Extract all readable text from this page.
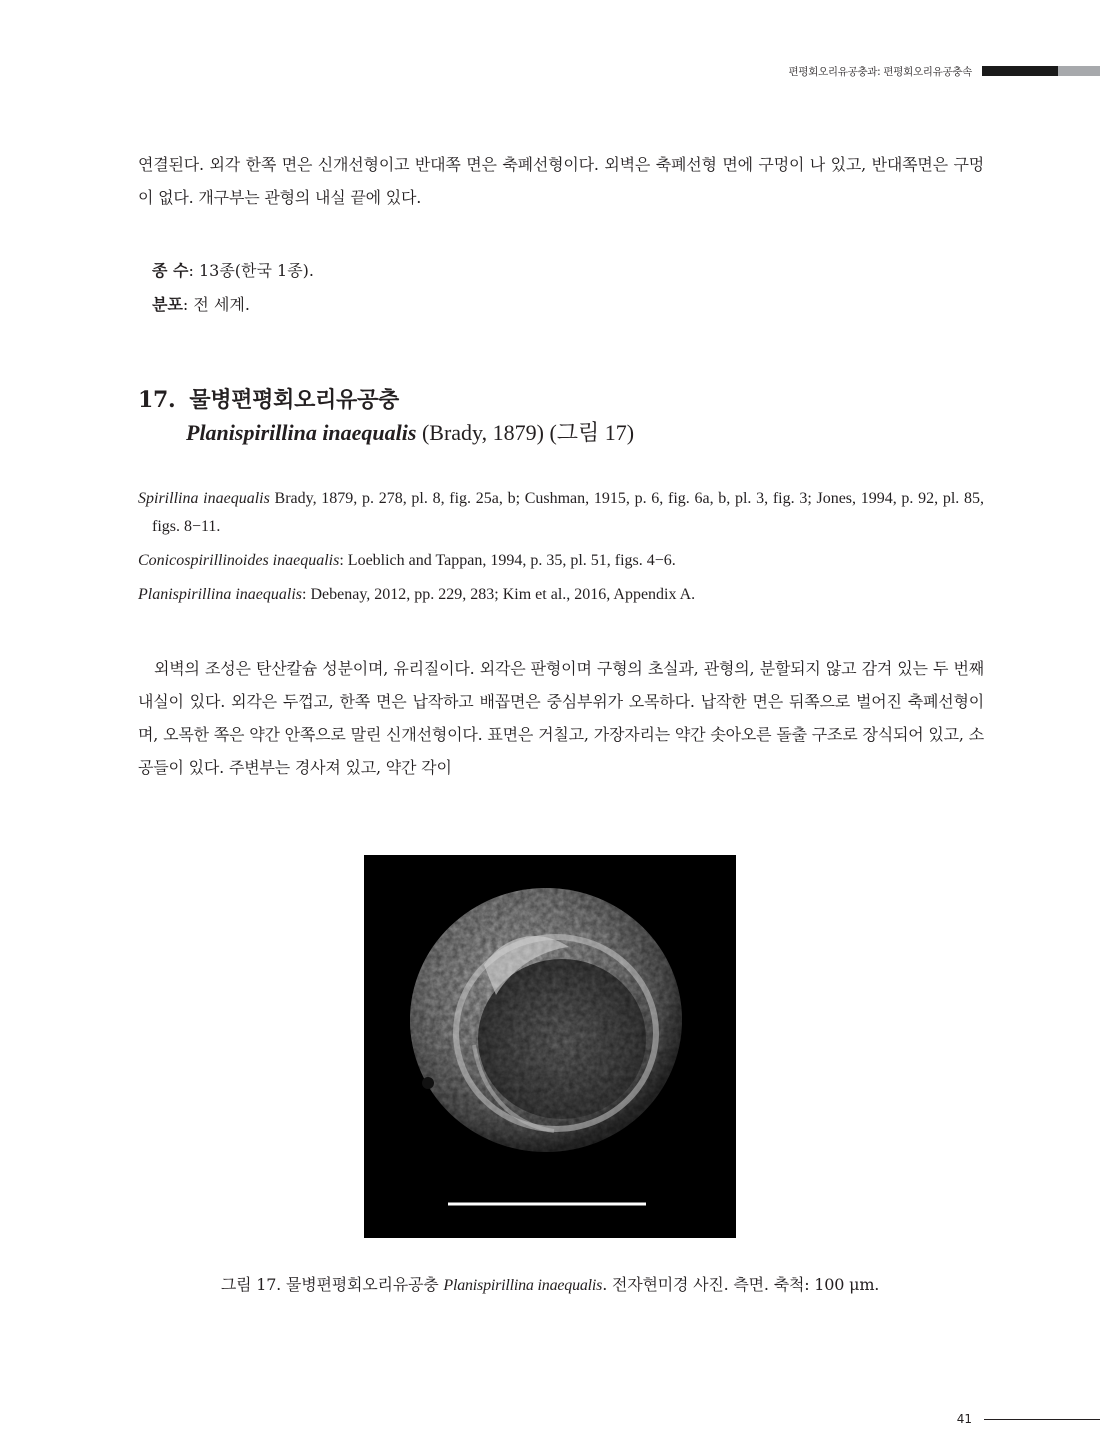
편평회오리유공충과: 편평회오리유공충속
연결된다. 외각 한쪽 면은 신개선형이고 반대쪽 면은 축폐선형이다. 외벽은 축폐선형 면에 구멍이 나 있고, 반대쪽면은 구멍이 없다. 개구부는 관형의 내실 끝에 있다.
종 수: 13종(한국 1종).
분포: 전 세계.
17. 물병편평회오리유공충
Planispirillina inaequalis (Brady, 1879) (그림 17)

Spirillina inaequalis Brady, 1879, p. 278, pl. 8, fig. 25a, b; Cushman, 1915, p. 6, fig. 6a, b, pl. 3, fig. 3; Jones, 1994, p. 92, pl. 85, figs. 8−11.

Conicospirillinoides inaequalis: Loeblich and Tappan, 1994, p. 35, pl. 51, figs. 4−6.

Planispirillina inaequalis: Debenay, 2012, pp. 229, 283; Kim et al., 2016, Appendix A.

외벽의 조성은 탄산칼슘 성분이며, 유리질이다. 외각은 판형이며 구형의 초실과, 관형의, 분할되지 않고 감겨 있는 두 번째 내실이 있다. 외각은 두껍고, 한쪽 면은 납작하고 배꼽면은 중심부위가 오목하다. 납작한 면은 뒤쪽으로 벌어진 축폐선형이며, 오목한 쪽은 약간 안쪽으로 말린 신개선형이다. 표면은 거칠고, 가장자리는 약간 솟아오른 돌출 구조로 장식되어 있고, 소공들이 있다. 주변부는 경사져 있고, 약간 각이
그림 17. 물병편평회오리유공충 Planispirillina inaequalis. 전자현미경 사진. 측면. 축척: 100 μm.
41
